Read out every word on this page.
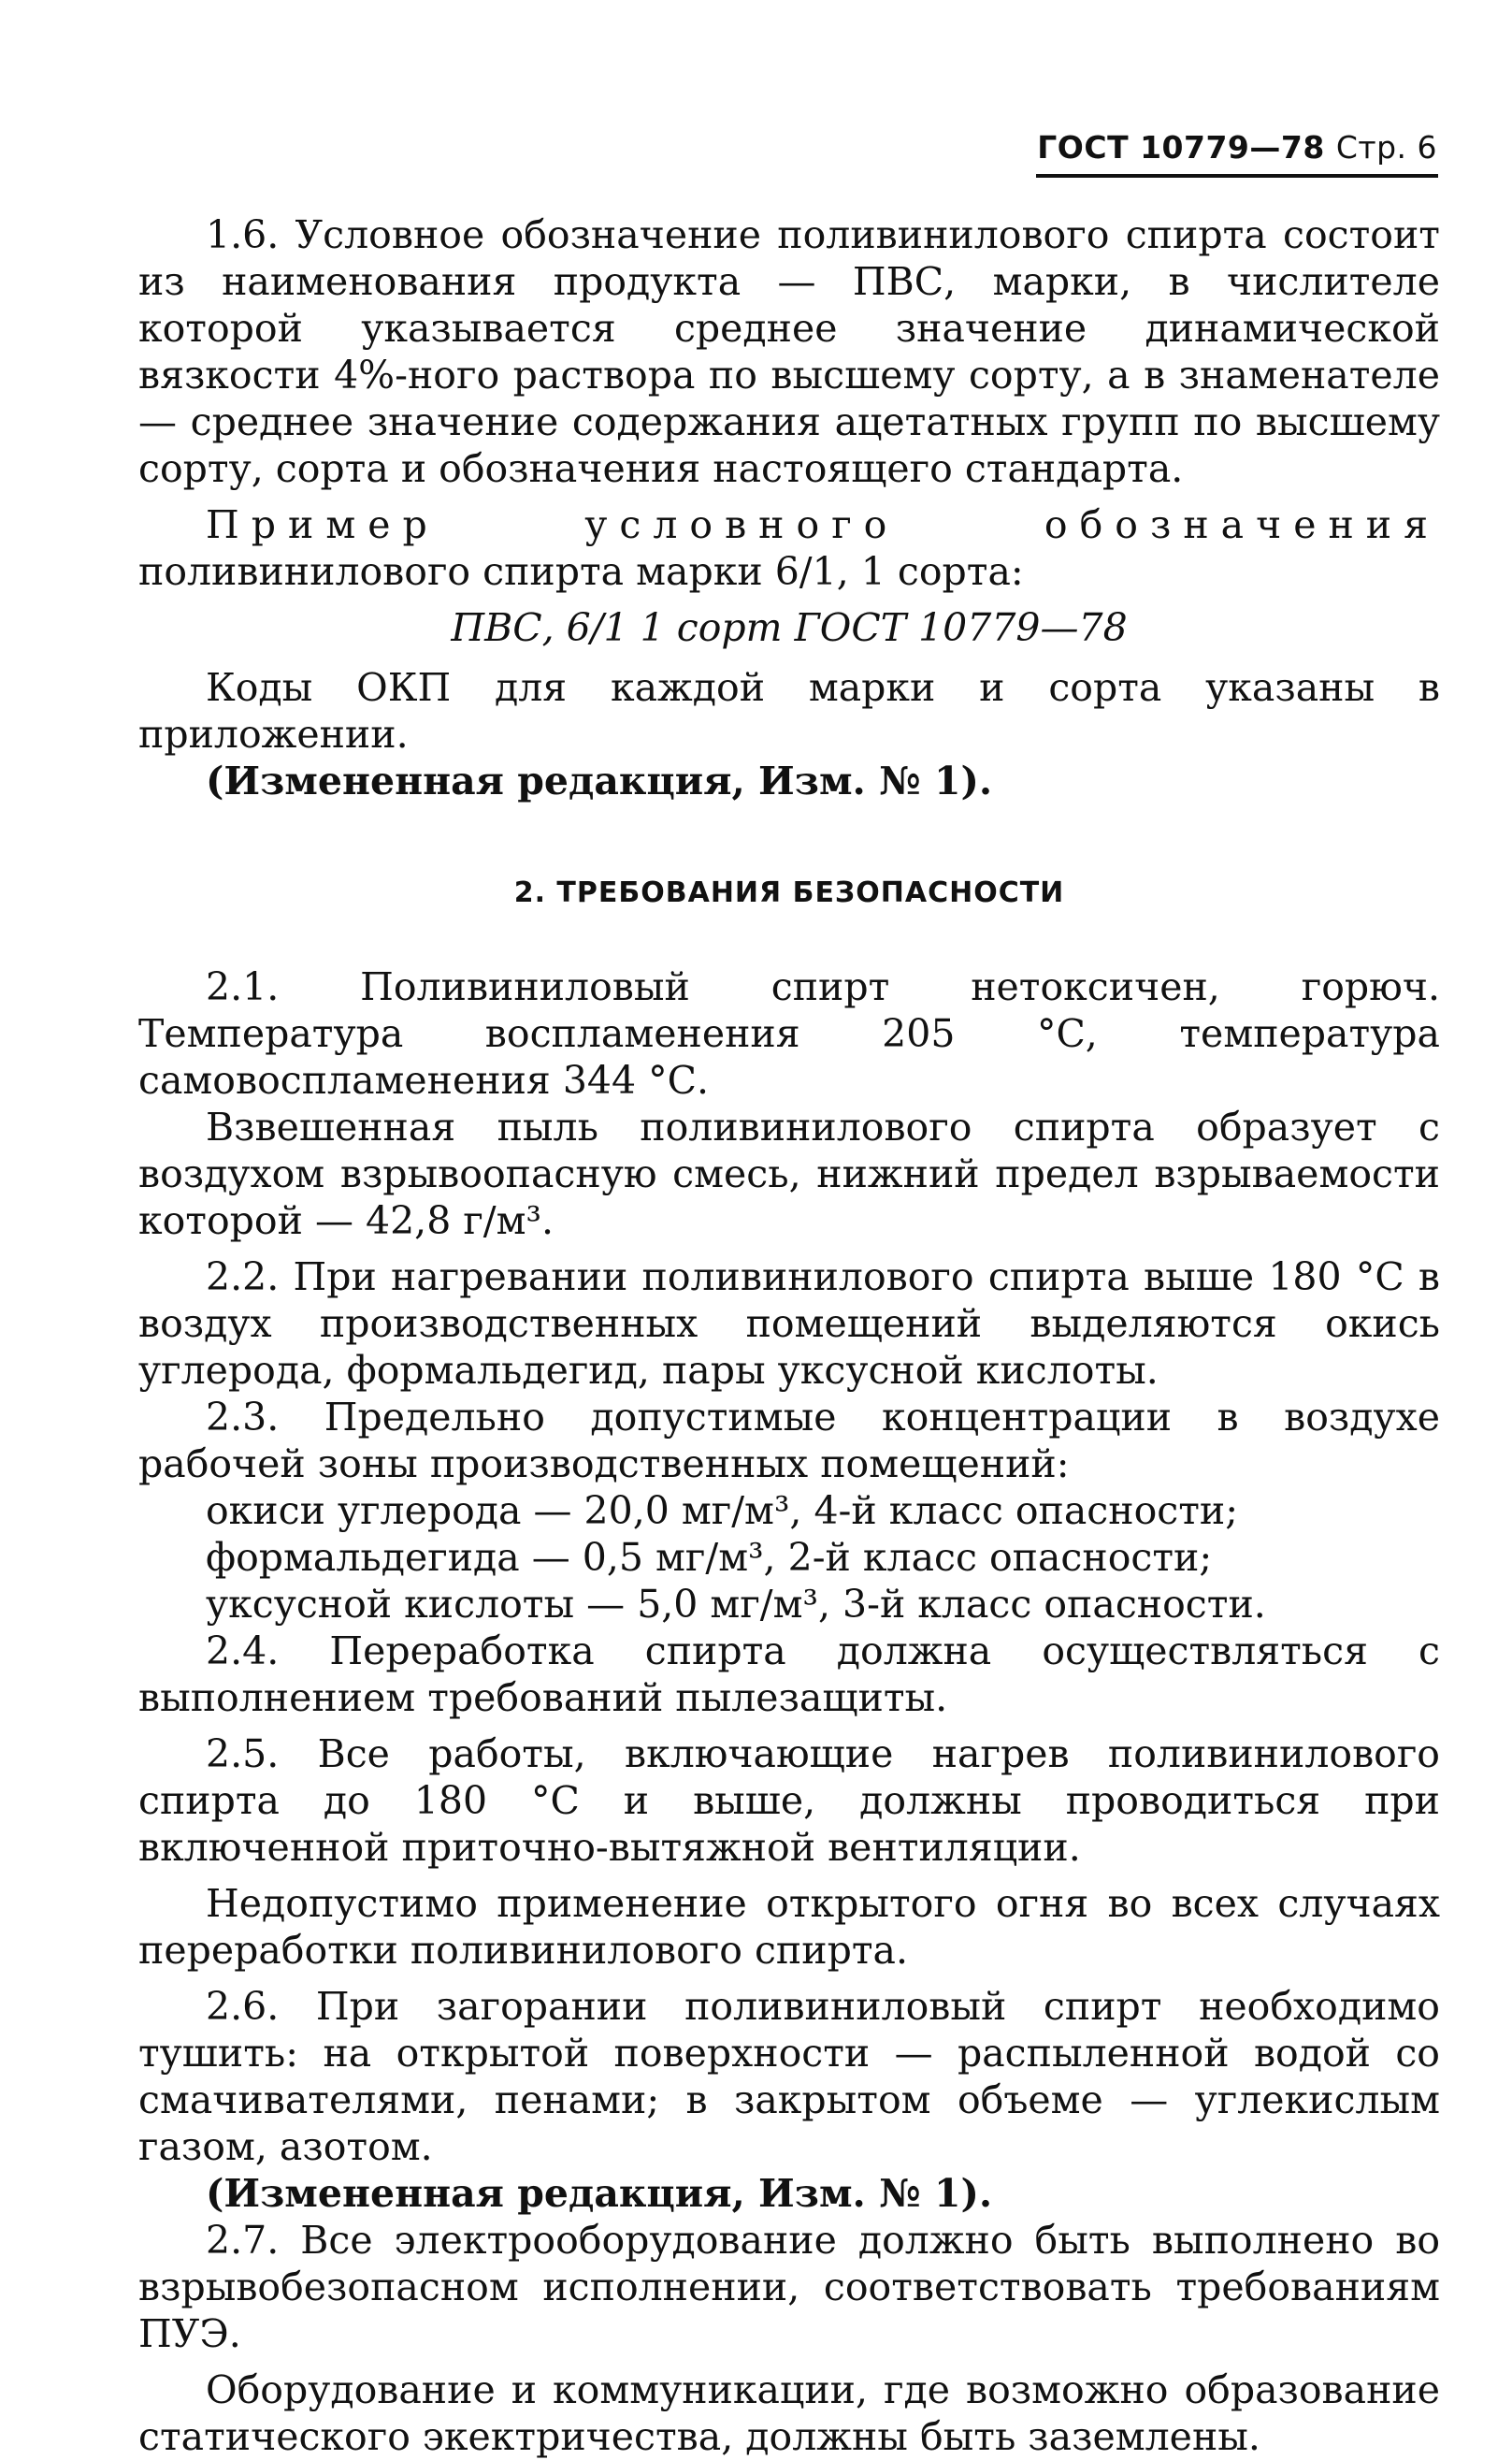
ГОСТ 10779—78 Стр. 6

1.6. Условное обозначение поливинилового спирта состоит из наименования продукта — ПВС, марки, в числителе которой указывается среднее значение динамической вязкости 4%-ного раствора по высшему сорту, а в знаменателе — среднее значение содержания ацетатных групп по высшему сорту, сорта и обозначения настоящего стандарта.

Пример условного обозначения поливинилового спирта марки 6/1, 1 сорта:

ПВС, 6/1 1 сорт ГОСТ 10779—78

Коды ОКП для каждой марки и сорта указаны в приложении.

(Измененная редакция, Изм. № 1).

2. ТРЕБОВАНИЯ БЕЗОПАСНОСТИ

2.1. Поливиниловый спирт нетоксичен, горюч. Температура воспламенения 205 °С, температура самовоспламенения 344 °С.

Взвешенная пыль поливинилового спирта образует с воздухом взрывоопасную смесь, нижний предел взрываемости которой — 42,8 г/м³.

2.2. При нагревании поливинилового спирта выше 180 °С в воздух производственных помещений выделяются окись углерода, формальдегид, пары уксусной кислоты.

2.3. Предельно допустимые концентрации в воздухе рабочей зоны производственных помещений:

окиси углерода — 20,0 мг/м³, 4-й класс опасности;
формальдегида — 0,5 мг/м³, 2-й класс опасности;
уксусной кислоты — 5,0 мг/м³, 3-й класс опасности.

2.4. Переработка спирта должна осуществляться с выполнением требований пылезащиты.

2.5. Все работы, включающие нагрев поливинилового спирта до 180 °С и выше, должны проводиться при включенной приточно-вытяжной вентиляции.

Недопустимо применение открытого огня во всех случаях переработки поливинилового спирта.

2.6. При загорании поливиниловый спирт необходимо тушить: на открытой поверхности — распыленной водой со смачивателями, пенами; в закрытом объеме — углекислым газом, азотом.

(Измененная редакция, Изм. № 1).

2.7. Все электрооборудование должно быть выполнено во взрывобезопасном исполнении, соответствовать требованиям ПУЭ.

Оборудование и коммуникации, где возможно образование статического экектричества, должны быть заземлены.
